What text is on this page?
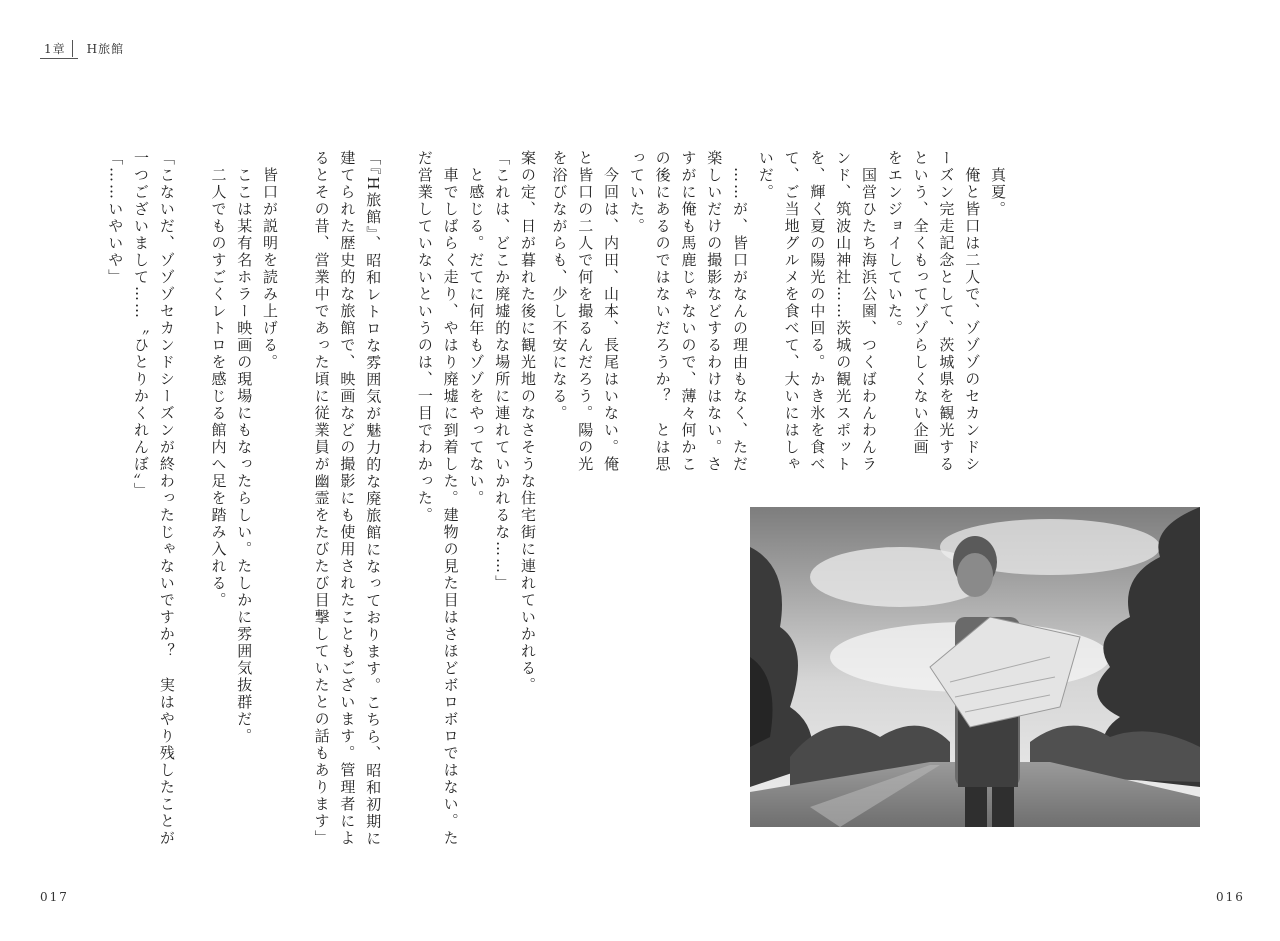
1章 H旅館
案の定、日が暮れた後に観光地のなさそうな住宅街に連れていかれる。
「これは、どこか廃墟的な場所に連れていかれるな……」
　と感じる。だてに何年もゾゾをやってない。
　車でしばらく走り、やはり廃墟に到着した。建物の見た目はさほどボロボロではない。た
だ営業していないというのは、一目でわかった。

「『H旅館』、昭和レトロな雰囲気が魅力的な廃旅館になっております。こちら、昭和初期に
建てられた歴史的な旅館で、映画などの撮影にも使用されたこともございます。管理者によ
るとその昔、営業中であった頃に従業員が幽霊をたびたび目撃していたとの話もあります」

　皆口が説明を読み上げる。
　ここは某有名ホラー映画の現場にもなったらしい。たしかに雰囲気抜群だ。
　二人でものすごくレトロを感じる館内へ足を踏み入れる。

「こないだ、ゾゾゾセカンドシーズンが終わったじゃないですか？　実はやり残したことが
一つございまして……〝ひとりかくれんぼ〟」
「……いやいや」
017
　真夏。
　俺と皆口は二人で、ゾゾゾのセカンドシ
ーズン完走記念として、茨城県を観光する
という、全くもってゾゾらしくない企画
をエンジョイしていた。
　国営ひたち海浜公園、つくばわんわんラ
ンド、筑波山神社……茨城の観光スポット
を、輝く夏の陽光の中回る。かき氷を食べ
て、ご当地グルメを食べて、大いにはしゃ
いだ。
　……が、皆口がなんの理由もなく、ただ
楽しいだけの撮影などするわけはない。さ
すがに俺も馬鹿じゃないので、薄々何かこ
の後にあるのではないだろうか？　とは思
っていた。
　今回は、内田、山本、長尾はいない。俺
と皆口の二人で何を撮るんだろう。陽の光
を浴びながらも、少し不安になる。
016
